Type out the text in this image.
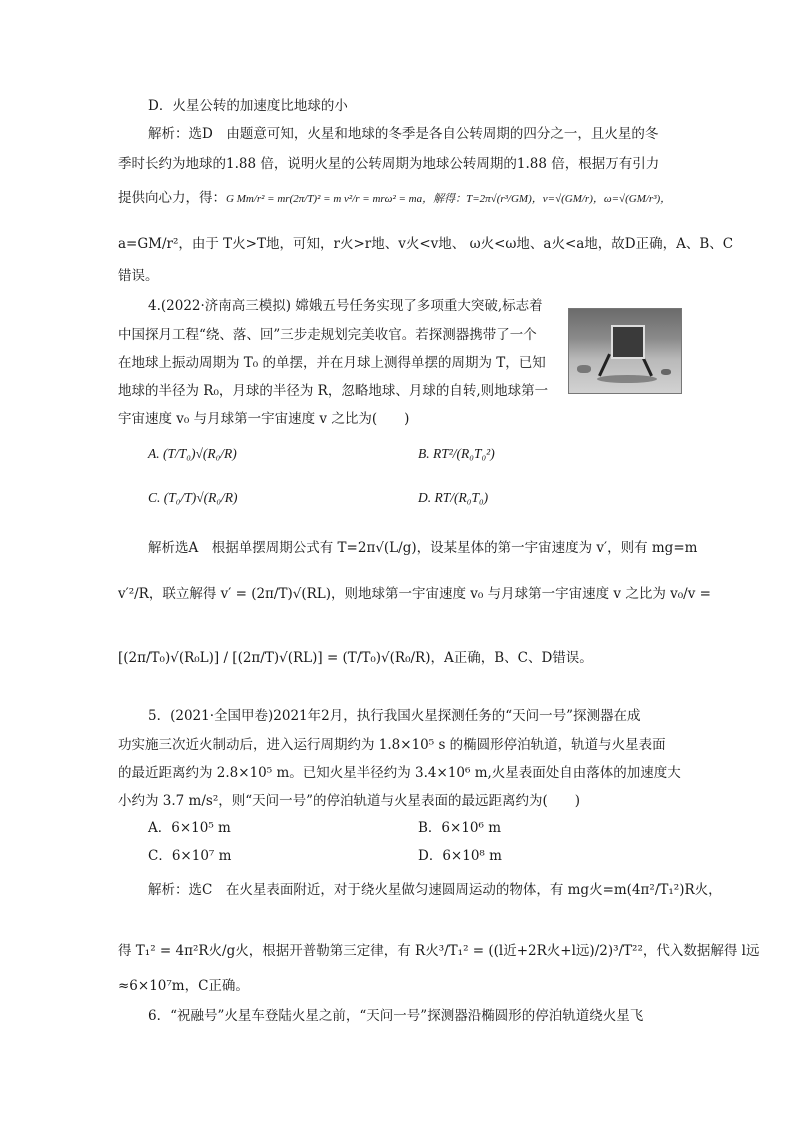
D．火星公转的加速度比地球的小
解析：选D　由题意可知，火星和地球的冬季是各自公转周期的四分之一，且火星的冬
季时长约为地球的1.88 倍，说明火星的公转周期为地球公转周期的1.88 倍，根据万有引力
提供向心力，得：G Mm/r² = mr(2π/T)² = m v²/r = mrω² = ma，解得：T=2π√(r³/GM)，v=√(GM/r)，ω=√(GM/r³)，
a=GM/r²，由于 T火>T地，可知，r火>r地、v火<v地、 ω火<ω地、a火<a地，故D正确，A、B、C
错误。
4.(2022·济南高三模拟) 嫦娥五号任务实现了多项重大突破,标志着
中国探月工程“绕、落、回”三步走规划完美收官。若探测器携带了一个
在地球上振动周期为 T₀ 的单摆，并在月球上测得单摆的周期为 T，已知
地球的半径为 R₀，月球的半径为 R，忽略地球、月球的自转,则地球第一
宇宙速度 v₀ 与月球第一宇宙速度 v 之比为(　　)
A. (T/T₀)√(R₀/R)	B. RT²/(R₀T₀²)
C. (T₀/T)√(R₀/R)	D. RT/(R₀T₀)
解析选A　根据单摆周期公式有 T=2π√(L/g)，设某星体的第一宇宙速度为 v′，则有 mg=m
v′²/R，联立解得 v′ = (2π/T)√(RL)，则地球第一宇宙速度 v₀ 与月球第一宇宙速度 v 之比为 v₀/v =
[(2π/T₀)√(R₀L)] / [(2π/T)√(RL)] = (T/T₀)√(R₀/R)，A正确，B、C、D错误。
5．(2021·全国甲卷)2021年2月，执行我国火星探测任务的“天问一号”探测器在成
功实施三次近火制动后，进入运行周期约为 1.8×10⁵ s 的椭圆形停泊轨道，轨道与火星表面
的最近距离约为 2.8×10⁵ m。已知火星半径约为 3.4×10⁶ m,火星表面处自由落体的加速度大
小约为 3.7 m/s²，则“天问一号”的停泊轨道与火星表面的最远距离约为(　　)
A．6×10⁵ m	B．6×10⁶ m
C．6×10⁷ m	D．6×10⁸ m
解析：选C　在火星表面附近，对于绕火星做匀速圆周运动的物体，有 mg火=m(4π²/T₁²)R火，
得 T₁² = 4π²R火/g火，根据开普勒第三定律，有 R火³/T₁² = ((l近+2R火+l远)/2)³/T²²，代入数据解得 l远
≈6×10⁷m，C正确。
6．“祝融号”火星车登陆火星之前，“天问一号”探测器沿椭圆形的停泊轨道绕火星飞
